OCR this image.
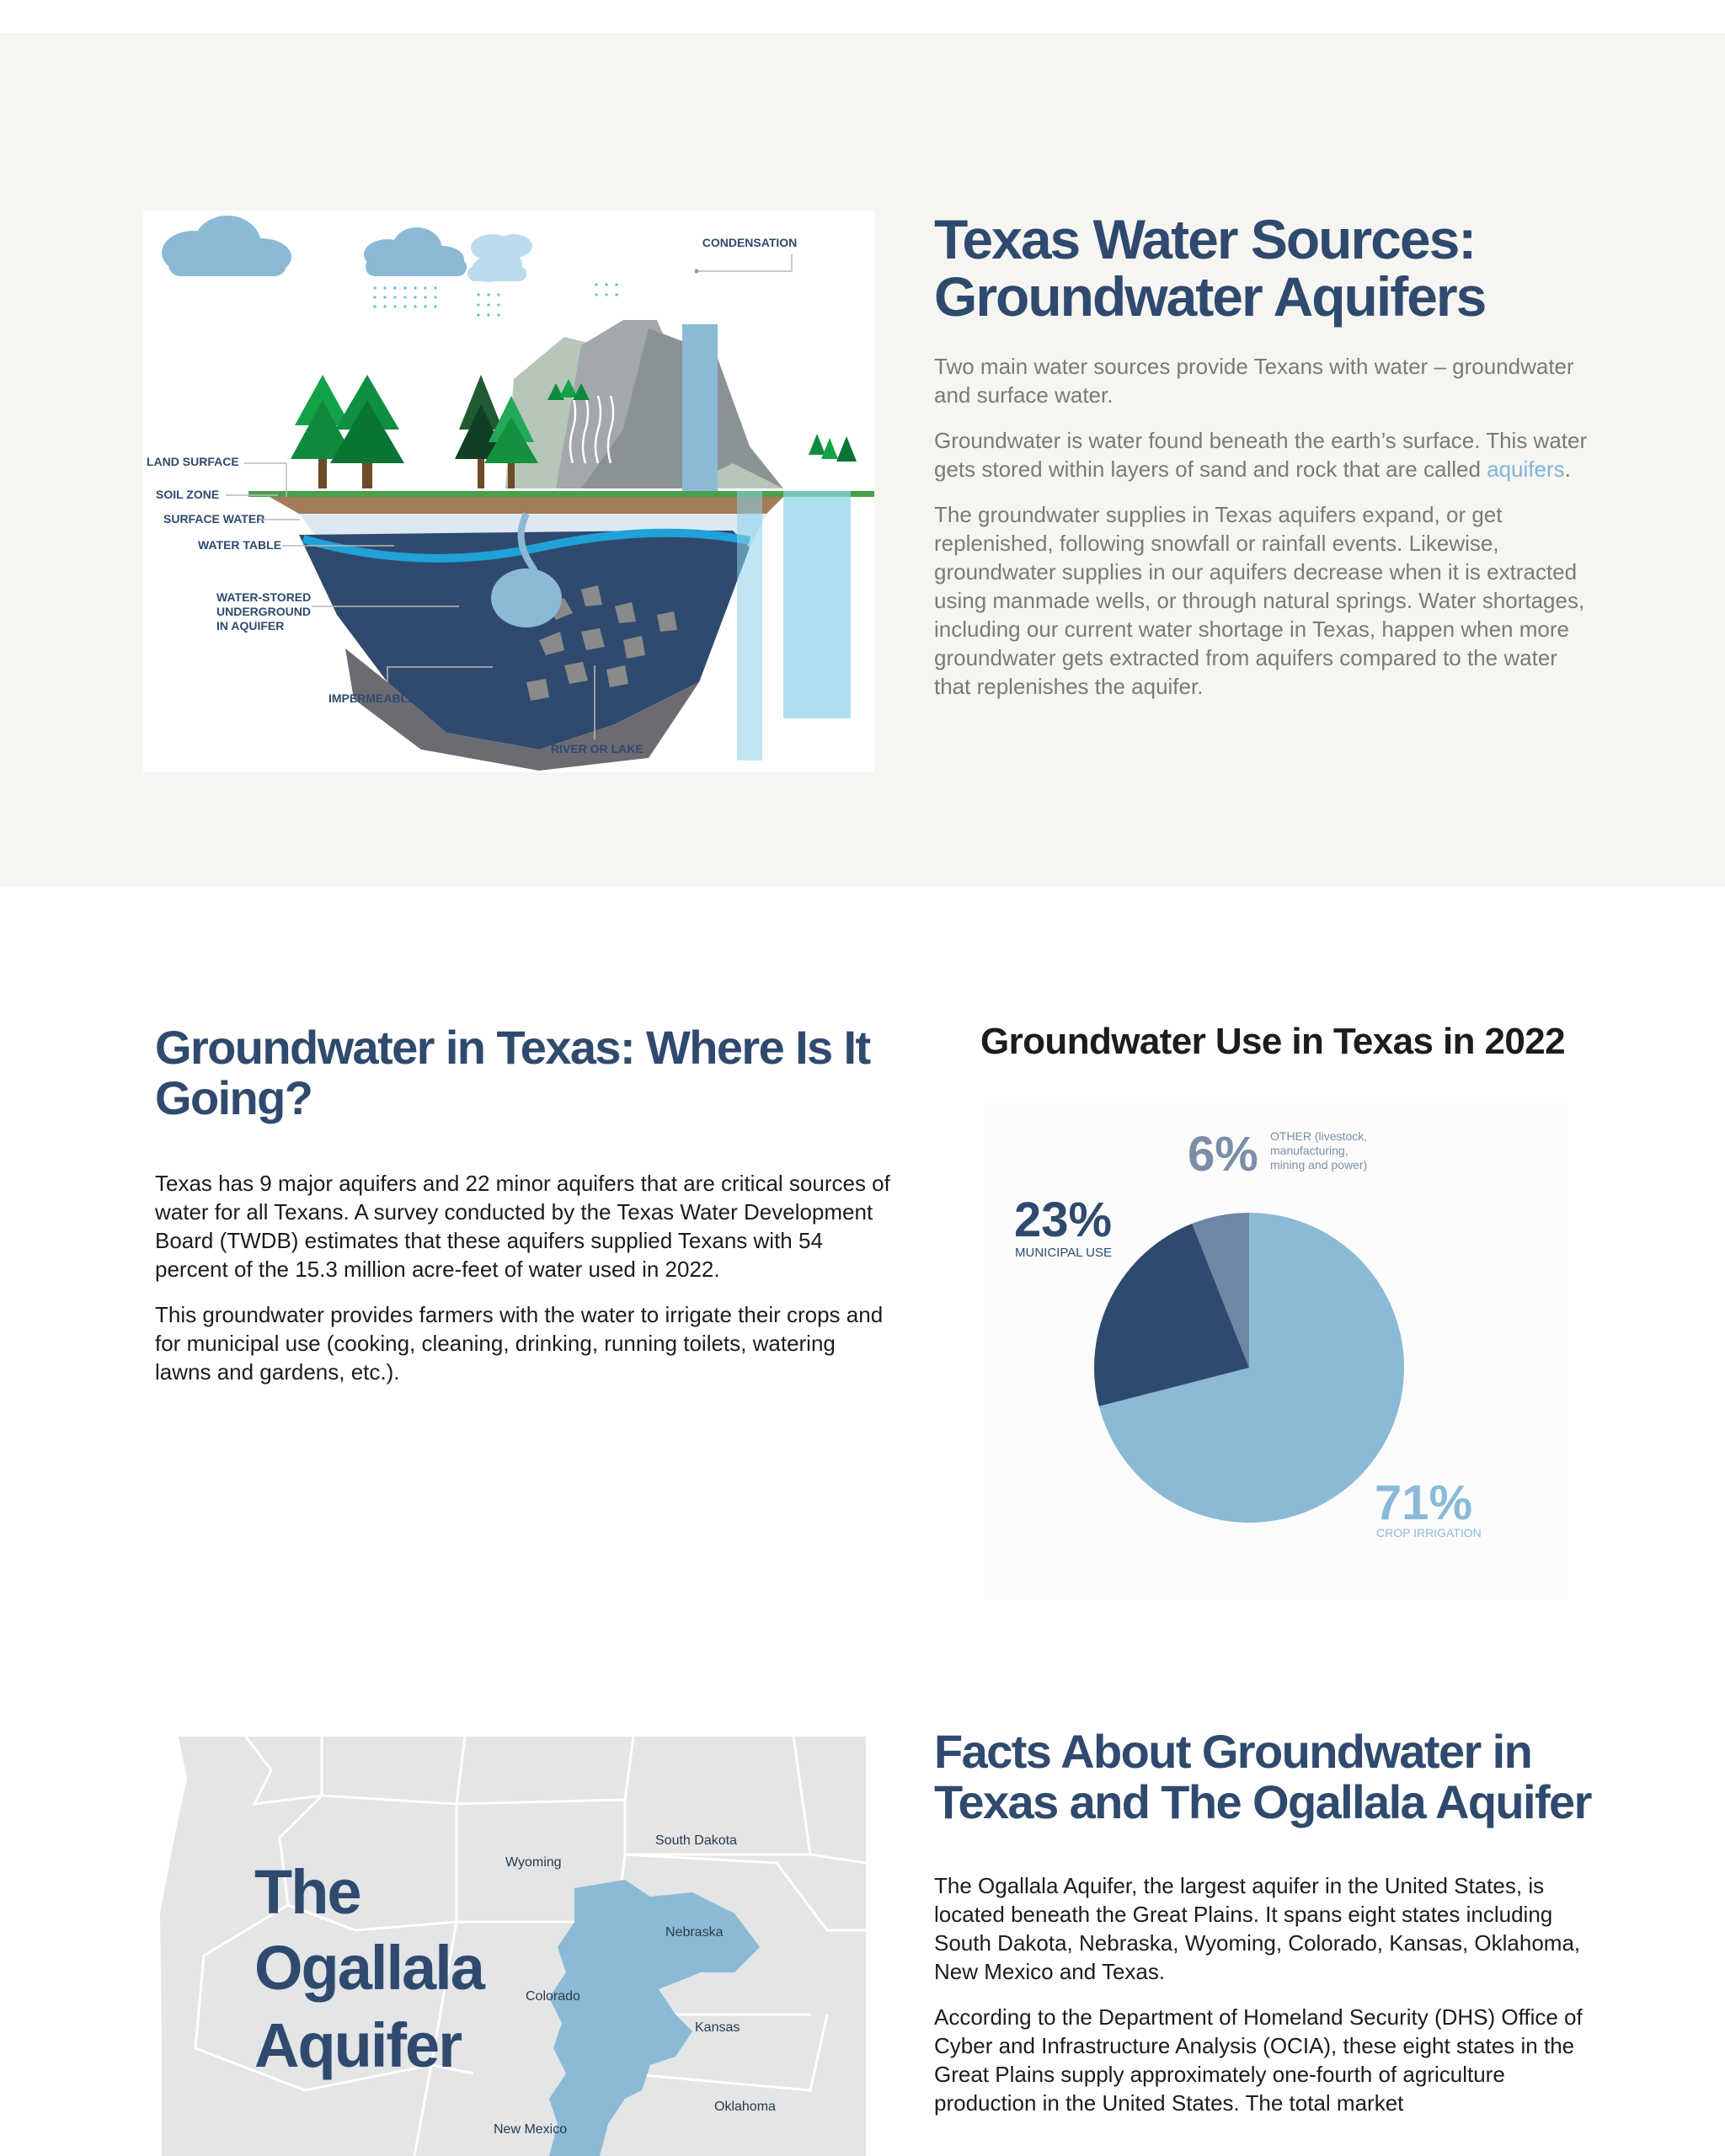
CONDENSATION
LAND SURFACE
SOIL ZONE
SURFACE WATER
WATER TABLE
WATER-STORED
UNDERGROUND
IN AQUIFER
IMPERMEABLE ROCK
RIVER OR LAKE
Texas Water Sources:
Groundwater Aquifers

Two main water sources provide Texans with water – groundwater and surface water.

Groundwater is water found beneath the earth’s surface. This water gets stored within layers of sand and rock that are called aquifers.

The groundwater supplies in Texas aquifers expand, or get replenished, following snowfall or rainfall events. Likewise, groundwater supplies in our aquifers decrease when it is extracted using manmade wells, or through natural springs. Water shortages, including our current water shortage in Texas, happen when more groundwater gets extracted from aquifers compared to the water that replenishes the aquifer.

Groundwater in Texas: Where Is It Going?

Texas has 9 major aquifers and 22 minor aquifers that are critical sources of water for all Texans. A survey conducted by the Texas Water Development Board (TWDB) estimates that these aquifers supplied Texans with 54 percent of the 15.3 million acre-feet of water used in 2022.

This groundwater provides farmers with the water to irrigate their crops and for municipal use (cooking, cleaning, drinking, running toilets, watering lawns and gardens, etc.).

Groundwater Use in Texas in 2022
6% OTHER (livestock,
manufacturing,
mining and power)
23%
MUNICIPAL USE
71%
CROP IRRIGATION
The
Ogallala
Aquifer
South Dakota
Wyoming
Nebraska
Colorado
Kansas
Oklahoma
New Mexico
Facts About Groundwater in Texas and The Ogallala Aquifer

The Ogallala Aquifer, the largest aquifer in the United States, is located beneath the Great Plains. It spans eight states including South Dakota, Nebraska, Wyoming, Colorado, Kansas, Oklahoma, New Mexico and Texas.

According to the Department of Homeland Security (DHS) Office of Cyber and Infrastructure Analysis (OCIA), these eight states in the Great Plains supply approximately one-fourth of agriculture production in the United States. The total market
